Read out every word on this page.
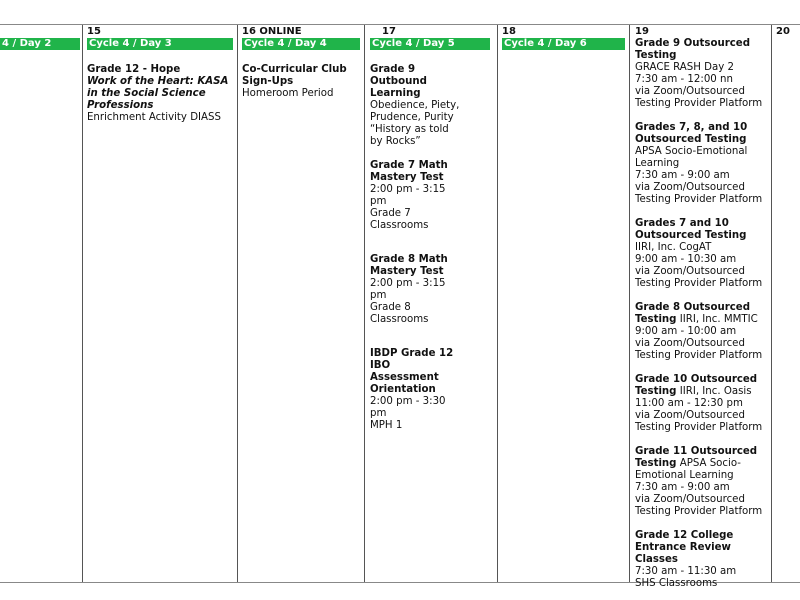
4 / Day 2
15
Cycle 4 / Day 3
Grade 12 - Hope
Work of the Heart: KASA in the Social Science Professions
Enrichment Activity DIASS
16 ONLINE
Cycle 4 / Day 4
Co-Curricular Club Sign-Ups
Homeroom Period
17
Cycle 4 / Day 5
Grade 9 Outbound Learning
Obedience, Piety, Prudence, Purity “History as told by Rocks”
Grade 7 Math Mastery Test
2:00 pm - 3:15 pm
Grade 7 Classrooms
Grade 8 Math Mastery Test
2:00 pm - 3:15 pm
Grade 8 Classrooms
IBDP Grade 12 IBO Assessment Orientation
2:00 pm - 3:30 pm
MPH 1
18
Cycle 4 / Day 6
19
Grade 9 Outsourced Testing
GRACE RASH Day 2
7:30 am - 12:00 nn
via Zoom/Outsourced Testing Provider Platform
Grades 7, 8, and 10 Outsourced Testing
APSA Socio-Emotional Learning
7:30 am - 9:00 am
via Zoom/Outsourced Testing Provider Platform
Grades 7 and 10 Outsourced Testing IIRI, Inc. CogAT
9:00 am - 10:30 am
via Zoom/Outsourced Testing Provider Platform
Grade 8 Outsourced Testing IIRI, Inc. MMTIC
9:00 am - 10:00 am
via Zoom/Outsourced Testing Provider Platform
Grade 10 Outsourced Testing IIRI, Inc. Oasis
11:00 am - 12:30 pm
via Zoom/Outsourced Testing Provider Platform
Grade 11 Outsourced Testing APSA Socio-Emotional Learning
7:30 am - 9:00 am
via Zoom/Outsourced Testing Provider Platform
Grade 12 College Entrance Review Classes
7:30 am - 11:30 am
SHS Classrooms
20
